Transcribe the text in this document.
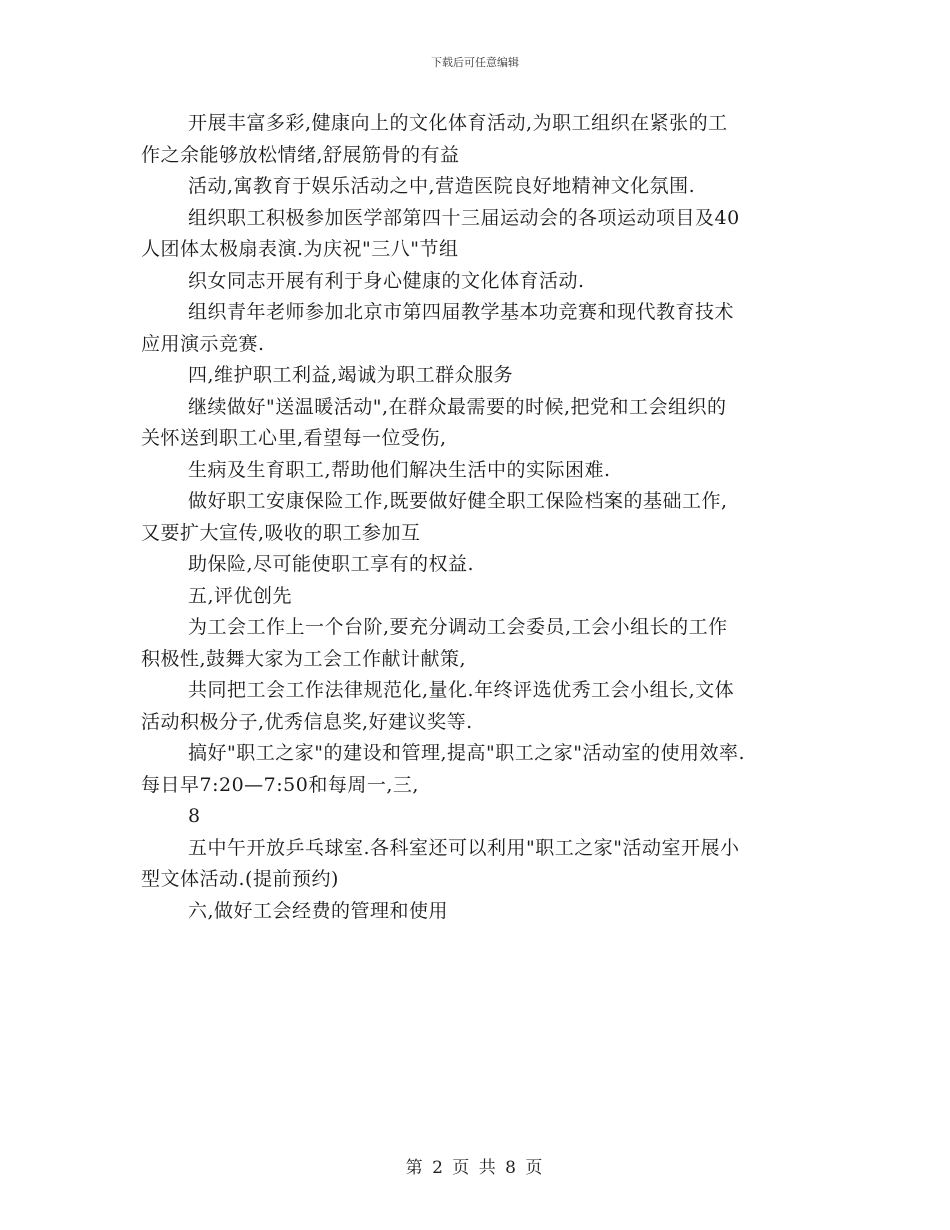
下载后可任意编辑
开展丰富多彩,健康向上的文化体育活动,为职工组织在紧张的工
作之余能够放松情绪,舒展筋骨的有益
活动,寓教育于娱乐活动之中,营造医院良好地精神文化氛围.
组织职工积极参加医学部第四十三届运动会的各项运动项目及40
人团体太极扇表演.为庆祝"三八"节组
织女同志开展有利于身心健康的文化体育活动.
组织青年老师参加北京市第四届教学基本功竞赛和现代教育技术
应用演示竞赛.
四,维护职工利益,竭诚为职工群众服务
继续做好"送温暖活动",在群众最需要的时候,把党和工会组织的
关怀送到职工心里,看望每一位受伤,
生病及生育职工,帮助他们解决生活中的实际困难.
做好职工安康保险工作,既要做好健全职工保险档案的基础工作,
又要扩大宣传,吸收的职工参加互
助保险,尽可能使职工享有的权益.
五,评优创先
为工会工作上一个台阶,要充分调动工会委员,工会小组长的工作
积极性,鼓舞大家为工会工作献计献策,
共同把工会工作法律规范化,量化.年终评选优秀工会小组长,文体
活动积极分子,优秀信息奖,好建议奖等.
搞好"职工之家"的建设和管理,提高"职工之家"活动室的使用效率.
每日早7:20—7:50和每周一,三,
8
五中午开放乒乓球室.各科室还可以利用"职工之家"活动室开展小
型文体活动.(提前预约)
六,做好工会经费的管理和使用
第 2 页 共 8 页
